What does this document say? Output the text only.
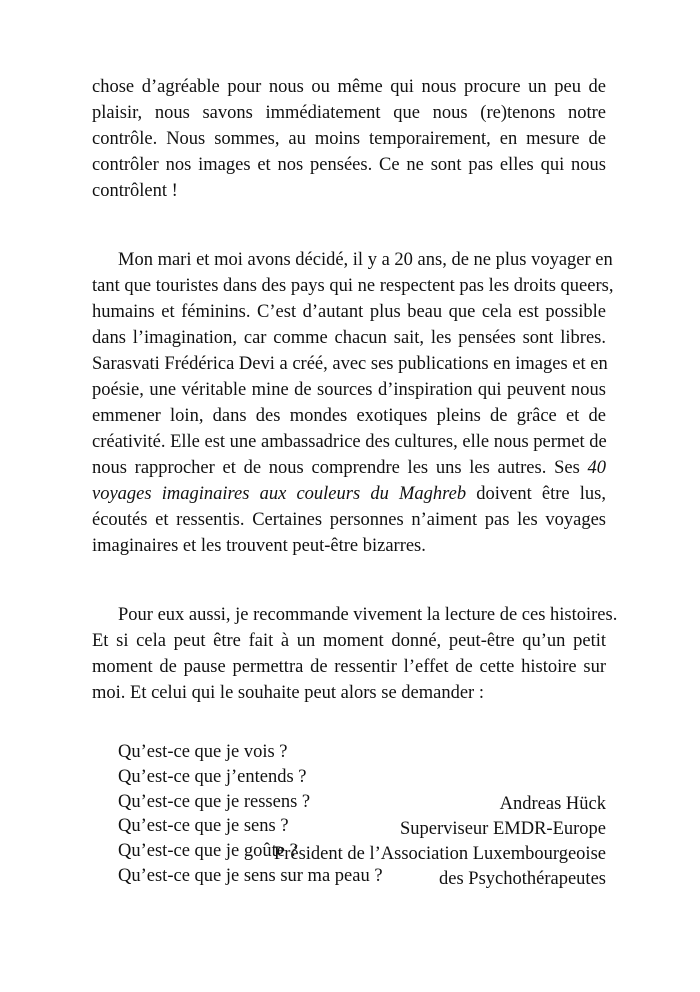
chose d’agréable pour nous ou même qui nous procure un peu de
plaisir, nous savons immédiatement que nous (re)tenons notre
contrôle. Nous sommes, au moins temporairement, en mesure de
contrôler nos images et nos pensées. Ce ne sont pas elles qui nous
contrôlent !
Mon mari et moi avons décidé, il y a 20 ans, de ne plus voyager en
tant que touristes dans des pays qui ne respectent pas les droits queers,
humains et féminins. C’est d’autant plus beau que cela est possible
dans l’imagination, car comme chacun sait, les pensées sont libres.
Sarasvati Frédérica Devi a créé, avec ses publications en images et en
poésie, une véritable mine de sources d’inspiration qui peuvent nous
emmener loin, dans des mondes exotiques pleins de grâce et de
créativité. Elle est une ambassadrice des cultures, elle nous permet de
nous rapprocher et de nous comprendre les uns les autres. Ses 40
voyages imaginaires aux couleurs du Maghreb doivent être lus,
écoutés et ressentis. Certaines personnes n’aiment pas les voyages
imaginaires et les trouvent peut-être bizarres.
Pour eux aussi, je recommande vivement la lecture de ces histoires.
Et si cela peut être fait à un moment donné, peut-être qu’un petit
moment de pause permettra de ressentir l’effet de cette histoire sur
moi. Et celui qui le souhaite peut alors se demander :
Qu’est-ce que je vois ?
Qu’est-ce que j’entends ?
Qu’est-ce que je ressens ?
Qu’est-ce que je sens ?
Qu’est-ce que je goûte ?
Qu’est-ce que je sens sur ma peau ?
Andreas Hück
Superviseur EMDR-Europe
Président de l’Association Luxembourgeoise
des Psychothérapeutes
